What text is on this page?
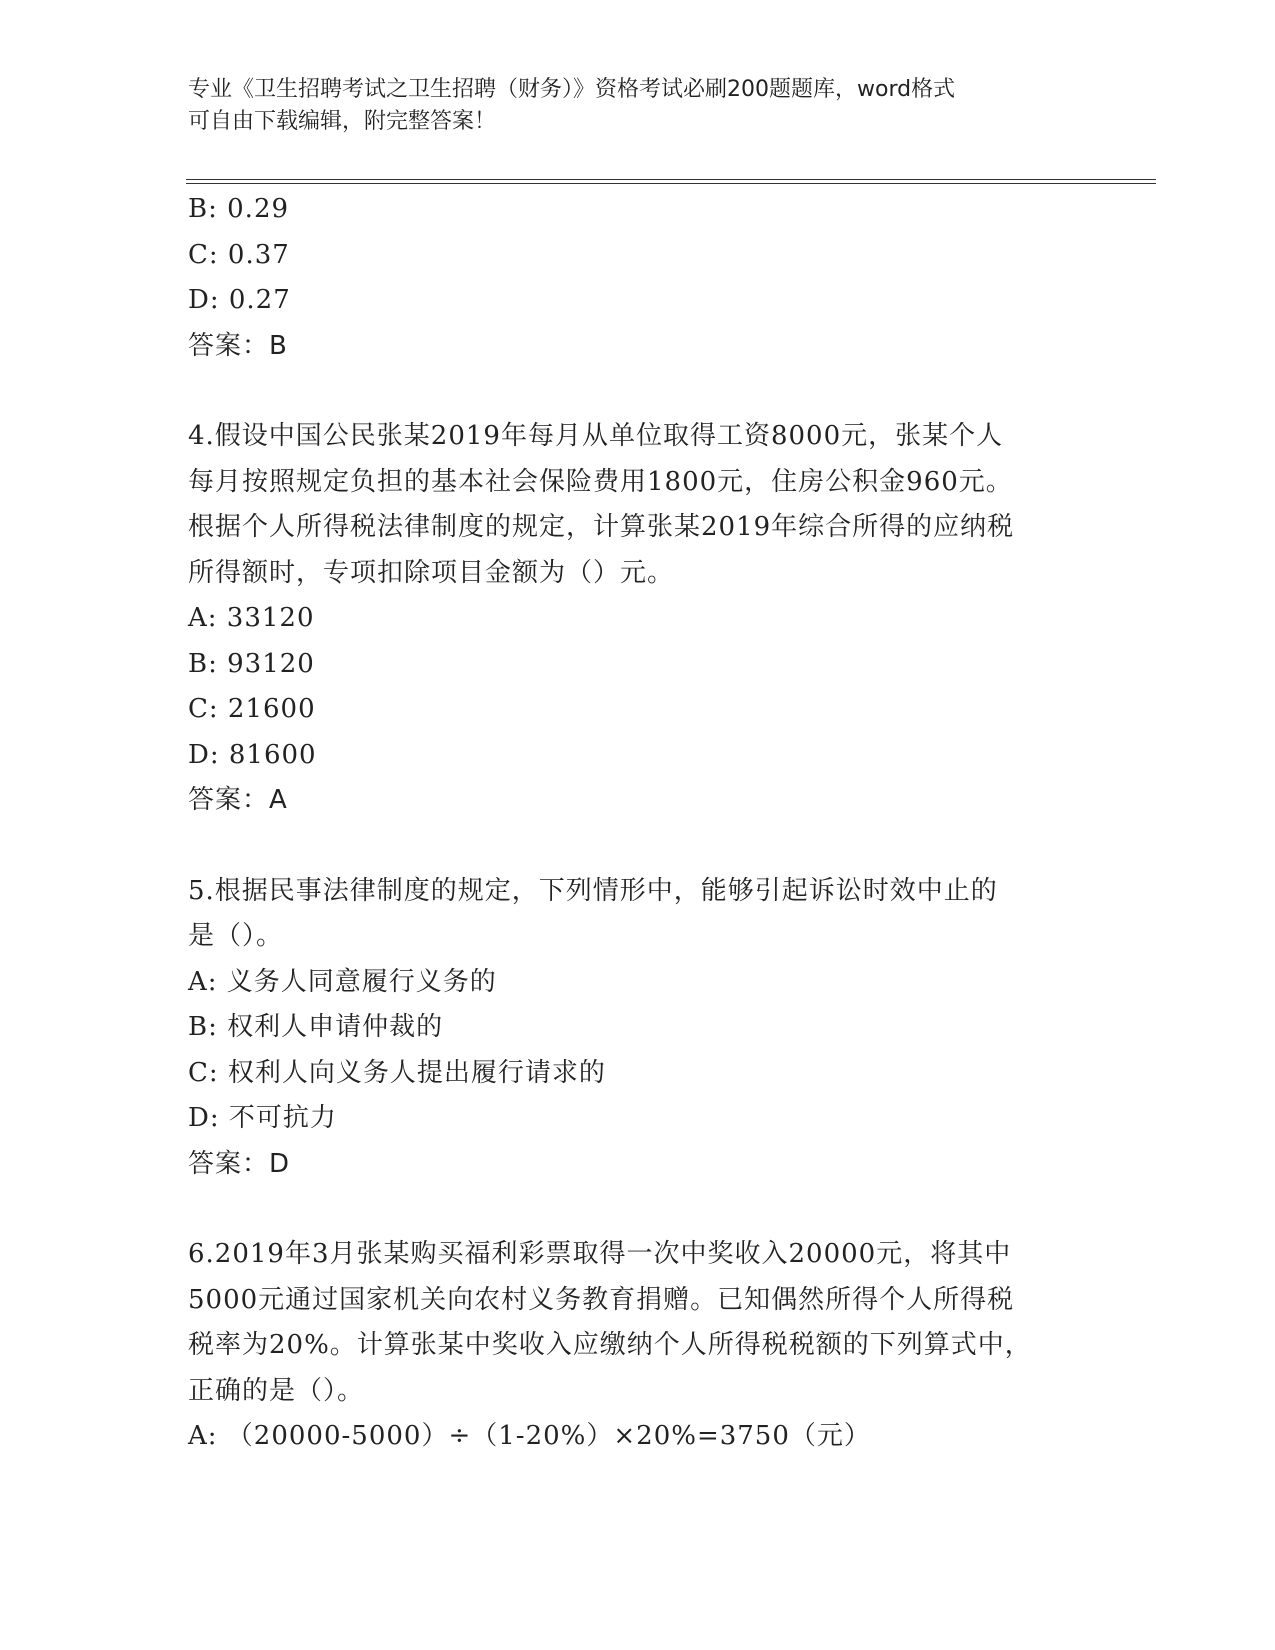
专业《卫生招聘考试之卫生招聘（财务）》资格考试必刷200题题库，word格式
可自由下载编辑，附完整答案！
B: 0.29
C: 0.37
D: 0.27
答案：B
4.假设中国公民张某2019年每月从单位取得工资8000元，张某个人
每月按照规定负担的基本社会保险费用1800元，住房公积金960元。
根据个人所得税法律制度的规定，计算张某2019年综合所得的应纳税
所得额时，专项扣除项目金额为（）元。
A: 33120
B: 93120
C: 21600
D: 81600
答案：A
5.根据民事法律制度的规定，下列情形中，能够引起诉讼时效中止的
是（）。
A: 义务人同意履行义务的
B: 权利人申请仲裁的
C: 权利人向义务人提出履行请求的
D: 不可抗力
答案：D
6.2019年3月张某购买福利彩票取得一次中奖收入20000元，将其中
5000元通过国家机关向农村义务教育捐赠。已知偶然所得个人所得税
税率为20%。计算张某中奖收入应缴纳个人所得税税额的下列算式中，
正确的是（）。
A: （20000-5000）÷（1-20%）×20%=3750（元）
